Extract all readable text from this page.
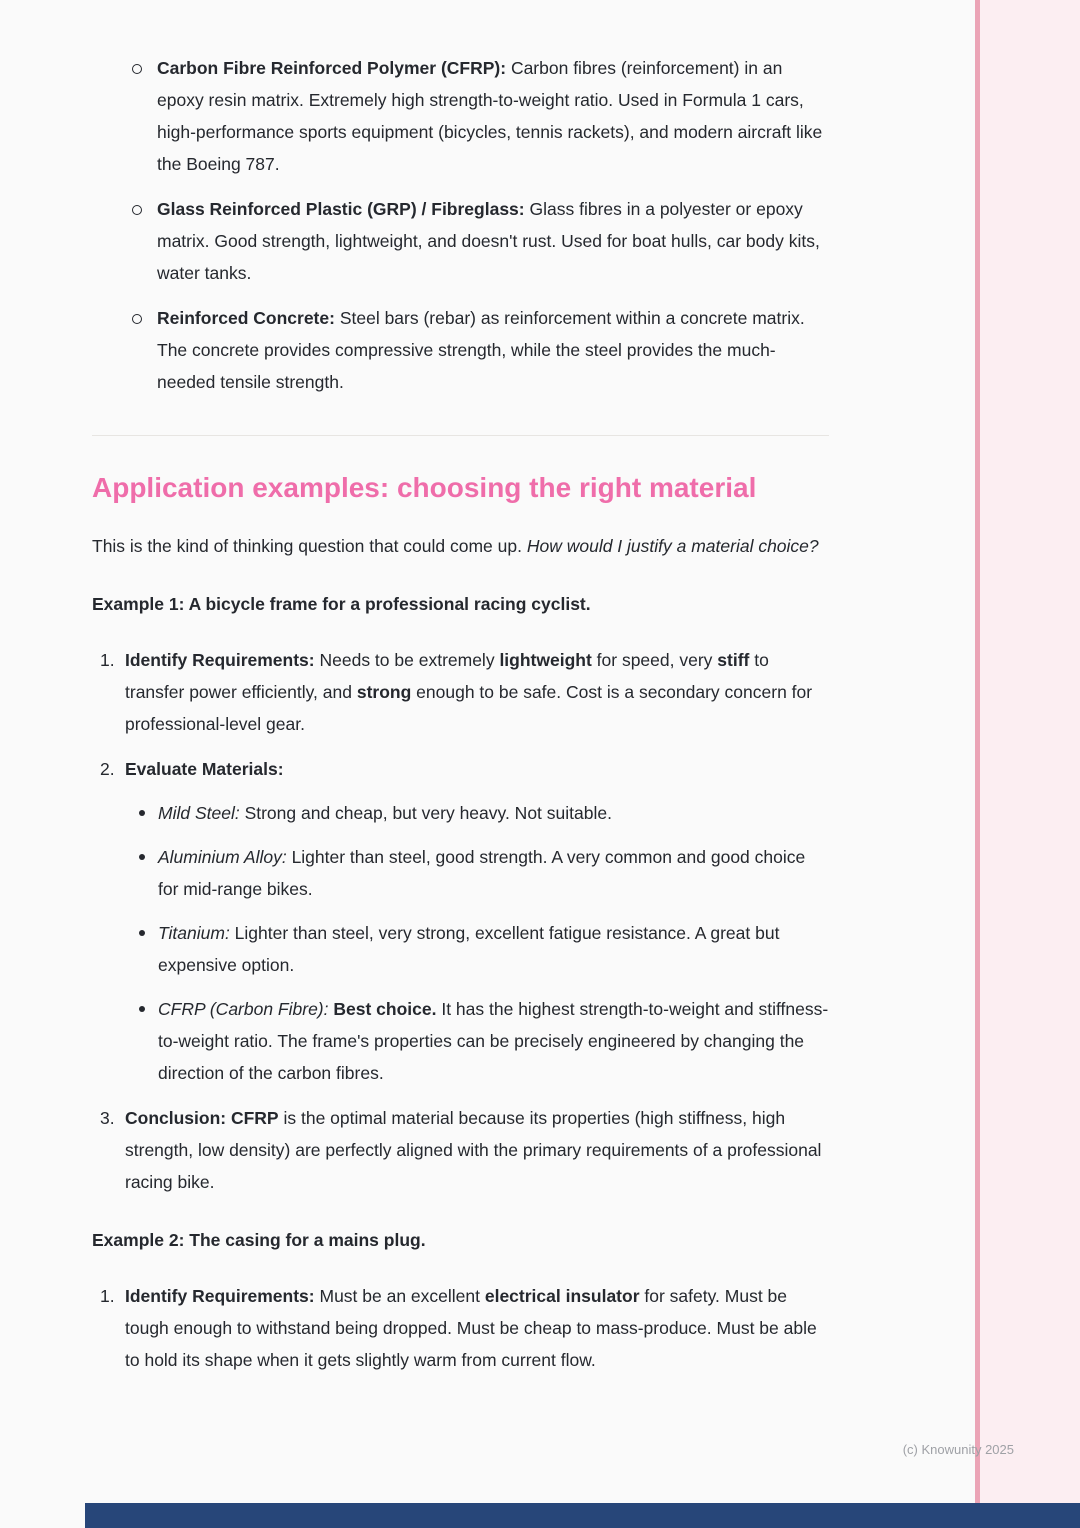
Carbon Fibre Reinforced Polymer (CFRP): Carbon fibres (reinforcement) in an epoxy resin matrix. Extremely high strength-to-weight ratio. Used in Formula 1 cars, high-performance sports equipment (bicycles, tennis rackets), and modern aircraft like the Boeing 787.
Glass Reinforced Plastic (GRP) / Fibreglass: Glass fibres in a polyester or epoxy matrix. Good strength, lightweight, and doesn't rust. Used for boat hulls, car body kits, water tanks.
Reinforced Concrete: Steel bars (rebar) as reinforcement within a concrete matrix. The concrete provides compressive strength, while the steel provides the much-needed tensile strength.
Application examples: choosing the right material

This is the kind of thinking question that could come up. How would I justify a material choice?

Example 1: A bicycle frame for a professional racing cyclist.

1. Identify Requirements: Needs to be extremely lightweight for speed, very stiff to transfer power efficiently, and strong enough to be safe. Cost is a secondary concern for professional-level gear.
2. Evaluate Materials:
Mild Steel: Strong and cheap, but very heavy. Not suitable.
Aluminium Alloy: Lighter than steel, good strength. A very common and good choice for mid-range bikes.
Titanium: Lighter than steel, very strong, excellent fatigue resistance. A great but expensive option.
CFRP (Carbon Fibre): Best choice. It has the highest strength-to-weight and stiffness-to-weight ratio. The frame's properties can be precisely engineered by changing the direction of the carbon fibres.
3. Conclusion: CFRP is the optimal material because its properties (high stiffness, high strength, low density) are perfectly aligned with the primary requirements of a professional racing bike.

Example 2: The casing for a mains plug.

1. Identify Requirements: Must be an excellent electrical insulator for safety. Must be tough enough to withstand being dropped. Must be cheap to mass-produce. Must be able to hold its shape when it gets slightly warm from current flow.
(c) Knowunity 2025
